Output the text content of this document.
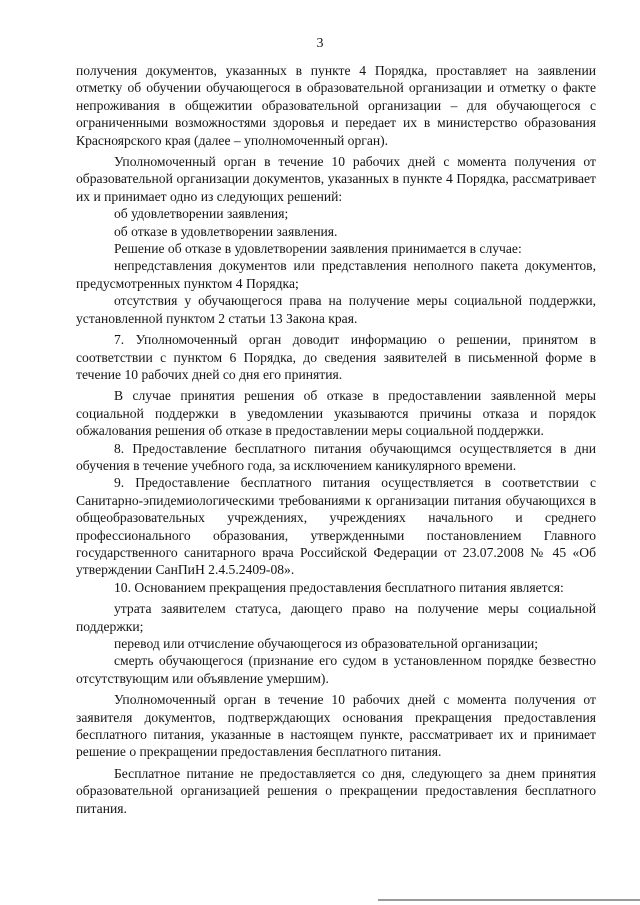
3

получения документов, указанных в пункте 4 Порядка, проставляет на заявлении отметку об обучении обучающегося в образовательной организации и отметку о факте непроживания в общежитии образовательной организации – для обучающегося с ограниченными возможностями здоровья и передает их в министерство образования Красноярского края (далее – уполномоченный орган).

Уполномоченный орган в течение 10 рабочих дней с момента получения от образовательной организации документов, указанных в пункте 4 Порядка, рассматривает их и принимает одно из следующих решений:

об удовлетворении заявления;

об отказе в удовлетворении заявления.

Решение об отказе в удовлетворении заявления принимается в случае:

непредставления документов или представления неполного пакета документов, предусмотренных пунктом 4 Порядка;

отсутствия у обучающегося права на получение меры социальной поддержки, установленной пунктом 2 статьи 13 Закона края.

7. Уполномоченный орган доводит информацию о решении, принятом в соответствии с пунктом 6 Порядка, до сведения заявителей в письменной форме в течение 10 рабочих дней со дня его принятия.

В случае принятия решения об отказе в предоставлении заявленной меры социальной поддержки в уведомлении указываются причины отказа и порядок обжалования решения об отказе в предоставлении меры социальной поддержки.

8. Предоставление бесплатного питания обучающимся осуществляется в дни обучения в течение учебного года, за исключением каникулярного времени.

9. Предоставление бесплатного питания осуществляется в соответствии с Санитарно-эпидемиологическими требованиями к организации питания обучающихся в общеобразовательных учреждениях, учреждениях начального и среднего профессионального образования, утвержденными постановлением Главного государственного санитарного врача Российской Федерации от 23.07.2008 № 45 «Об утверждении СанПиН 2.4.5.2409-08».

10. Основанием прекращения предоставления бесплатного питания является:

утрата заявителем статуса, дающего право на получение меры социальной поддержки;

перевод или отчисление обучающегося из образовательной организации;

смерть обучающегося (признание его судом в установленном порядке безвестно отсутствующим или объявление умершим).

Уполномоченный орган в течение 10 рабочих дней с момента получения от заявителя документов, подтверждающих основания прекращения предоставления бесплатного питания, указанные в настоящем пункте, рассматривает их и принимает решение о прекращении предоставления бесплатного питания.

Бесплатное питание не предоставляется со дня, следующего за днем принятия образовательной организацией решения о прекращении предоставления бесплатного питания.
